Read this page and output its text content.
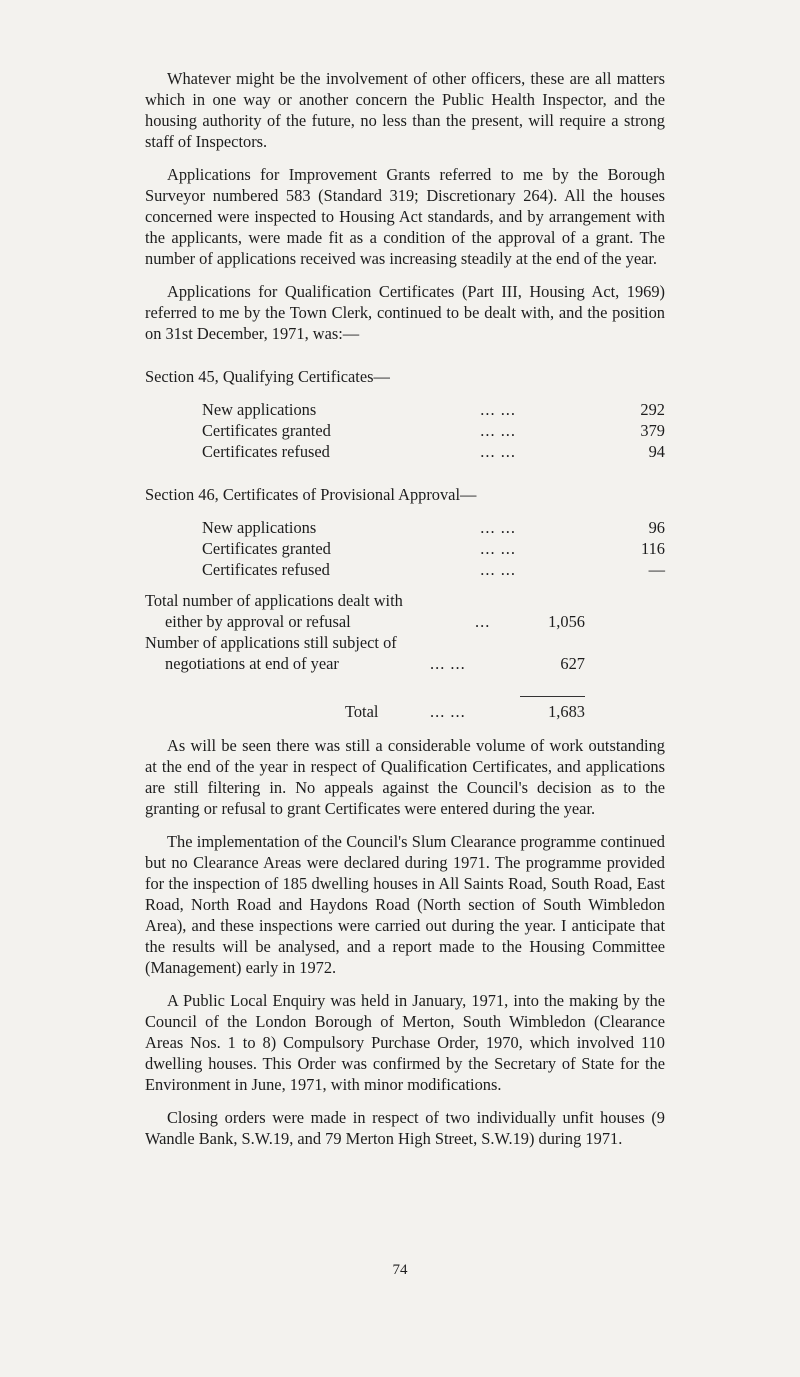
Whatever might be the involvement of other officers, these are all matters which in one way or another concern the Public Health Inspector, and the housing authority of the future, no less than the present, will require a strong staff of Inspectors.

Applications for Improvement Grants referred to me by the Borough Surveyor numbered 583 (Standard 319; Discretionary 264). All the houses concerned were inspected to Housing Act standards, and by arrangement with the applicants, were made fit as a condition of the approval of a grant. The number of applications received was increasing steadily at the end of the year.

Applications for Qualification Certificates (Part III, Housing Act, 1969) referred to me by the Town Clerk, continued to be dealt with, and the position on 31st December, 1971, was:—

Section 45, Qualifying Certificates—
New applications	... ...	292
Certificates granted	... ...	379
Certificates refused	... ...	94
Section 46, Certificates of Provisional Approval—
New applications	... ...	96
Certificates granted	... ...	116
Certificates refused	... ...	—
Total number of applications dealt with
either by approval or refusal	...	1,056
Number of applications still subject of
negotiations at end of year	... ...	627
Total	... ...	1,683

As will be seen there was still a considerable volume of work outstanding at the end of the year in respect of Qualification Certificates, and applications are still filtering in. No appeals against the Council's decision as to the granting or refusal to grant Certificates were entered during the year.

The implementation of the Council's Slum Clearance programme continued but no Clearance Areas were declared during 1971. The programme provided for the inspection of 185 dwelling houses in All Saints Road, South Road, East Road, North Road and Haydons Road (North section of South Wimbledon Area), and these inspections were carried out during the year. I anticipate that the results will be analysed, and a report made to the Housing Committee (Management) early in 1972.

A Public Local Enquiry was held in January, 1971, into the making by the Council of the London Borough of Merton, South Wimbledon (Clearance Areas Nos. 1 to 8) Compulsory Purchase Order, 1970, which involved 110 dwelling houses. This Order was confirmed by the Secretary of State for the Environment in June, 1971, with minor modifications.

Closing orders were made in respect of two individually unfit houses (9 Wandle Bank, S.W.19, and 79 Merton High Street, S.W.19) during 1971.

74
